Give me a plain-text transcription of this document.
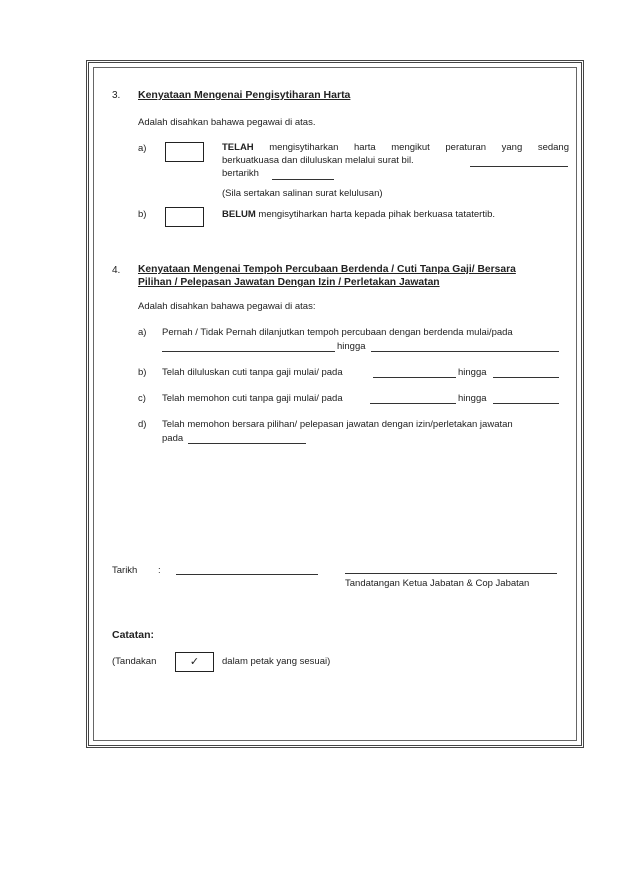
3. Kenyataan Mengenai Pengisytiharan Harta
Adalah disahkan bahawa pegawai di atas.
a)	TELAH mengisytiharkan harta mengikut peraturan yang sedang
berkuatkuasa dan diluluskan melalui surat bil.
bertarikh
(Sila sertakan salinan surat kelulusan)
b)	BELUM mengisytiharkan harta kepada pihak berkuasa tatatertib.
4. Kenyataan Mengenai Tempoh Percubaan Berdenda / Cuti Tanpa Gaji/ Bersara
Pilihan / Pelepasan Jawatan Dengan Izin / Perletakan Jawatan
Adalah disahkan bahawa pegawai di atas:
a) Pernah / Tidak Pernah dilanjutkan tempoh percubaan dengan berdenda mulai/pada
hingga
b) Telah diluluskan cuti tanpa gaji mulai/ pada	hingga
c) Telah memohon cuti tanpa gaji mulai/ pada	hingga
d) Telah memohon bersara pilihan/ pelepasan jawatan dengan izin/perletakan jawatan
pada
Tarikh :
Tandatangan Ketua Jabatan & Cop Jabatan
Catatan:
(Tandakan	✓	dalam petak yang sesuai)
